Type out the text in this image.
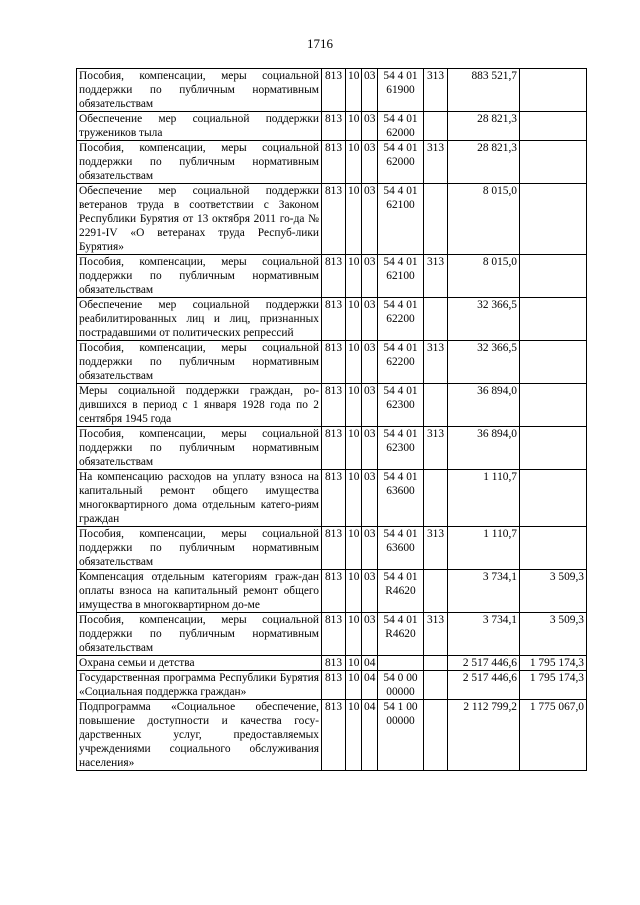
1716
Пособия, компенсации, меры социальной поддержки по публичным нормативным обязательствам	813	10	03	54 4 01 61900	313	883 521,7	
Обеспечение мер социальной поддержки тружеников тыла	813	10	03	54 4 01 62000		28 821,3	
Пособия, компенсации, меры социальной поддержки по публичным нормативным обязательствам	813	10	03	54 4 01 62000	313	28 821,3	
Обеспечение мер социальной поддержки ветеранов труда в соответствии с Законом Республики Бурятия от 13 октября 2011 го-да № 2291-IV «О ветеранах труда Респуб-лики Бурятия»	813	10	03	54 4 01 62100		8 015,0	
Пособия, компенсации, меры социальной поддержки по публичным нормативным обязательствам	813	10	03	54 4 01 62100	313	8 015,0	
Обеспечение мер социальной поддержки реабилитированных лиц и лиц, признанных пострадавшими от политических репрессий	813	10	03	54 4 01 62200		32 366,5	
Пособия, компенсации, меры социальной поддержки по публичным нормативным обязательствам	813	10	03	54 4 01 62200	313	32 366,5	
Меры социальной поддержки граждан, ро-дившихся в период с 1 января 1928 года по 2 сентября 1945 года	813	10	03	54 4 01 62300		36 894,0	
Пособия, компенсации, меры социальной поддержки по публичным нормативным обязательствам	813	10	03	54 4 01 62300	313	36 894,0	
На компенсацию расходов на уплату взноса на капитальный ремонт общего имущества многоквартирного дома отдельным катего-риям граждан	813	10	03	54 4 01 63600		1 110,7	
Пособия, компенсации, меры социальной поддержки по публичным нормативным обязательствам	813	10	03	54 4 01 63600	313	1 110,7	
Компенсация отдельным категориям граж-дан оплаты взноса на капитальный ремонт общего имущества в многоквартирном до-ме	813	10	03	54 4 01 R4620		3 734,1	3 509,3
Пособия, компенсации, меры социальной поддержки по публичным нормативным обязательствам	813	10	03	54 4 01 R4620	313	3 734,1	3 509,3
Охрана семьи и детства	813	10	04			2 517 446,6	1 795 174,3
Государственная программа Республики Бурятия «Социальная поддержка граждан»	813	10	04	54 0 00 00000		2 517 446,6	1 795 174,3
Подпрограмма «Социальное обеспечение, повышение доступности и качества госу-дарственных услуг, предоставляемых учреждениями социального обслуживания населения»	813	10	04	54 1 00 00000		2 112 799,2	1 775 067,0
